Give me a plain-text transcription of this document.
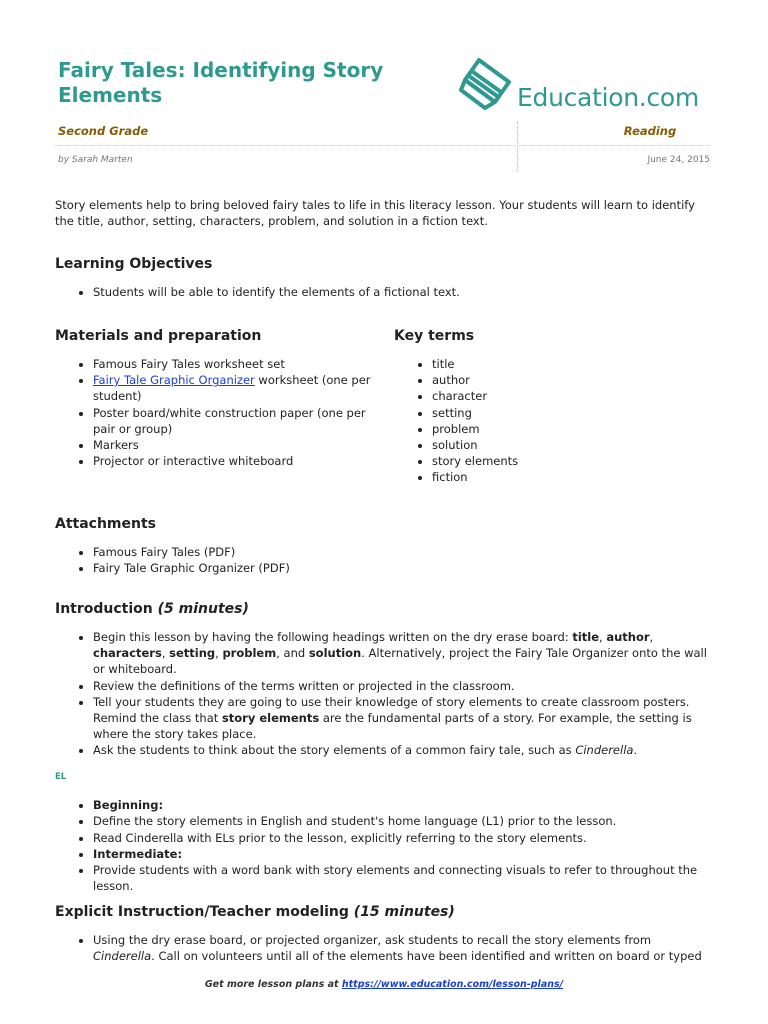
Fairy Tales: Identifying Story
Elements	Education.com
Second Grade	Reading
by Sarah Marten	June 24, 2015

Story elements help to bring beloved fairy tales to life in this literacy lesson. Your students will learn to identify the title, author, setting, characters, problem, and solution in a fiction text.

Learning Objectives
• Students will be able to identify the elements of a fictional text.
Materials and preparation
• Famous Fairy Tales worksheet set
• Fairy Tale Graphic Organizer worksheet (one per student)
• Poster board/white construction paper (one per pair or group)
• Markers
• Projector or interactive whiteboard
Key terms
• title
• author
• character
• setting
• problem
• solution
• story elements
• fiction
Attachments
• Famous Fairy Tales (PDF)
• Fairy Tale Graphic Organizer (PDF)
Introduction (5 minutes)
• Begin this lesson by having the following headings written on the dry erase board: title, author, characters, setting, problem, and solution. Alternatively, project the Fairy Tale Organizer onto the wall or whiteboard.
• Review the definitions of the terms written or projected in the classroom.
• Tell your students they are going to use their knowledge of story elements to create classroom posters. Remind the class that story elements are the fundamental parts of a story. For example, the setting is where the story takes place.
• Ask the students to think about the story elements of a common fairy tale, such as Cinderella.
EL
• Beginning:
• Define the story elements in English and student's home language (L1) prior to the lesson.
• Read Cinderella with ELs prior to the lesson, explicitly referring to the story elements.
• Intermediate:
• Provide students with a word bank with story elements and connecting visuals to refer to throughout the lesson.
Explicit Instruction/Teacher modeling (15 minutes)
• Using the dry erase board, or projected organizer, ask students to recall the story elements from Cinderella. Call on volunteers until all of the elements have been identified and written on board or typed
Get more lesson plans at https://www.education.com/lesson-plans/
